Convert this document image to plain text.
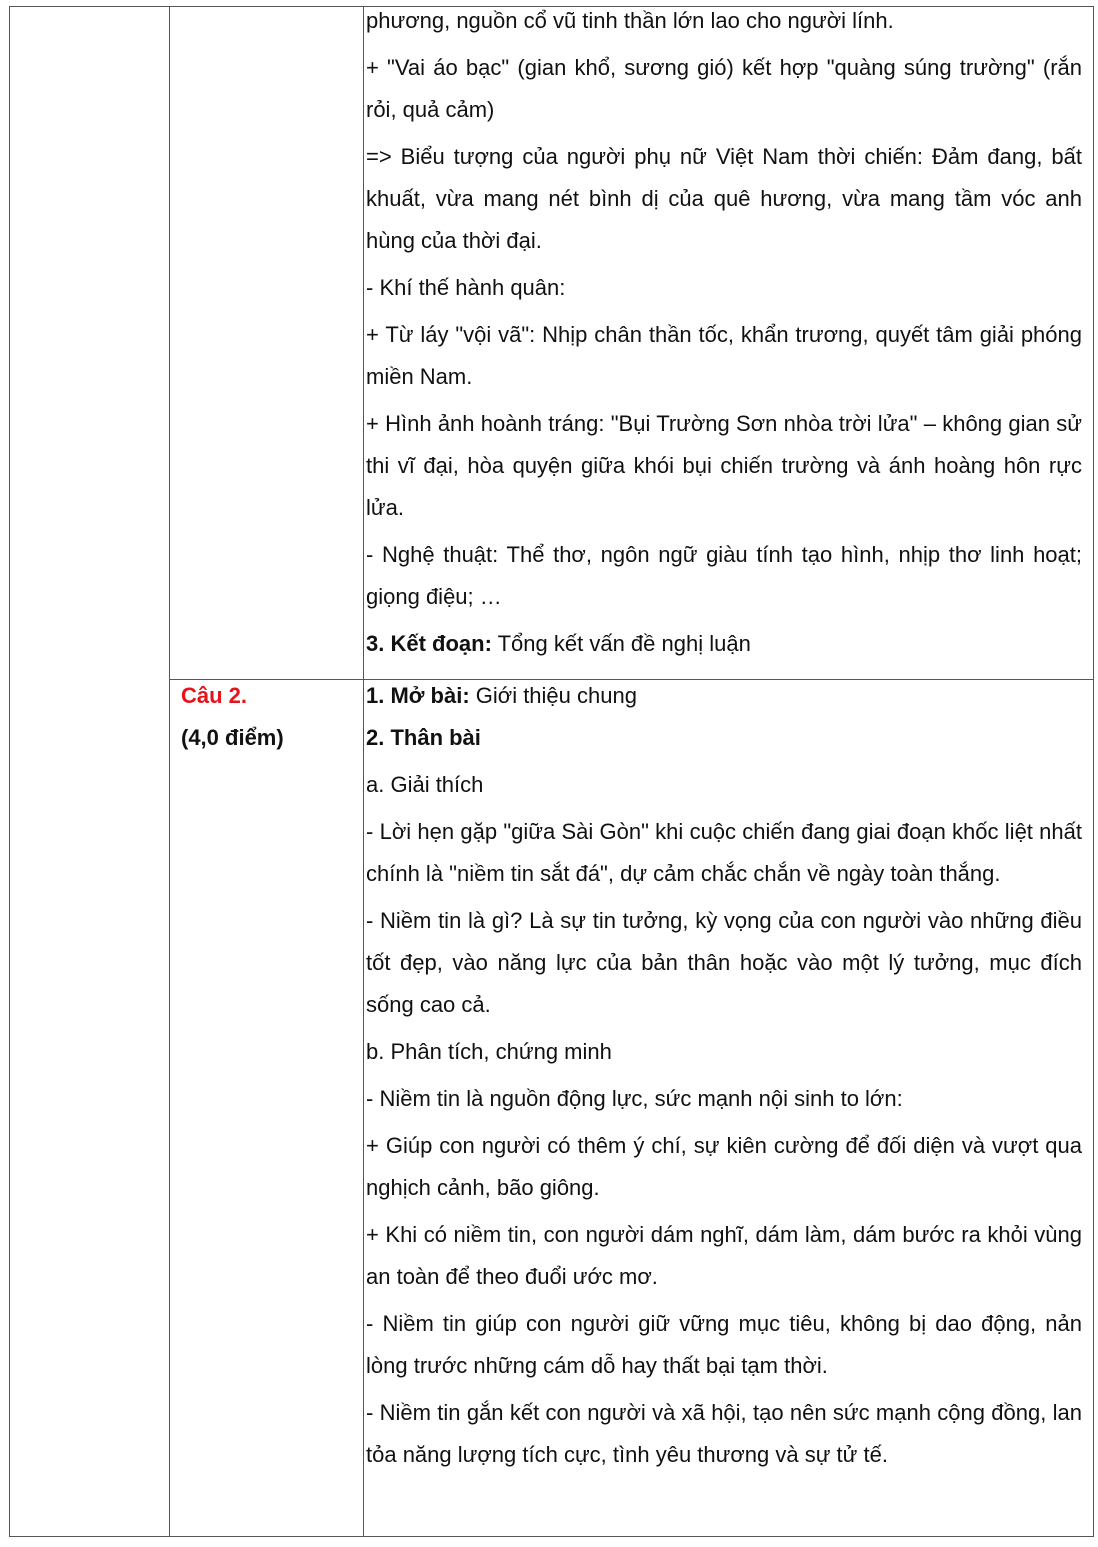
phương, nguồn cổ vũ tinh thần lớn lao cho người lính.

+ "Vai áo bạc" (gian khổ, sương gió) kết hợp "quàng súng trường" (rắn rỏi, quả cảm)

=> Biểu tượng của người phụ nữ Việt Nam thời chiến: Đảm đang, bất khuất, vừa mang nét bình dị của quê hương, vừa mang tầm vóc anh hùng của thời đại.

- Khí thế hành quân:

+ Từ láy "vội vã": Nhịp chân thần tốc, khẩn trương, quyết tâm giải phóng miền Nam.

+ Hình ảnh hoành tráng: "Bụi Trường Sơn nhòa trời lửa" – không gian sử thi vĩ đại, hòa quyện giữa khói bụi chiến trường và ánh hoàng hôn rực lửa.

- Nghệ thuật: Thể thơ, ngôn ngữ giàu tính tạo hình, nhịp thơ linh hoạt; giọng điệu; …

3. Kết đoạn: Tổng kết vấn đề nghị luận

Câu 2.

(4,0 điểm)

1. Mở bài: Giới thiệu chung

2. Thân bài

a. Giải thích

- Lời hẹn gặp "giữa Sài Gòn" khi cuộc chiến đang giai đoạn khốc liệt nhất chính là "niềm tin sắt đá", dự cảm chắc chắn về ngày toàn thắng.

- Niềm tin là gì? Là sự tin tưởng, kỳ vọng của con người vào những điều tốt đẹp, vào năng lực của bản thân hoặc vào một lý tưởng, mục đích sống cao cả.

b. Phân tích, chứng minh

- Niềm tin là nguồn động lực, sức mạnh nội sinh to lớn:

+ Giúp con người có thêm ý chí, sự kiên cường để đối diện và vượt qua nghịch cảnh, bão giông.

+ Khi có niềm tin, con người dám nghĩ, dám làm, dám bước ra khỏi vùng an toàn để theo đuổi ước mơ.

- Niềm tin giúp con người giữ vững mục tiêu, không bị dao động, nản lòng trước những cám dỗ hay thất bại tạm thời.

- Niềm tin gắn kết con người và xã hội, tạo nên sức mạnh cộng đồng, lan tỏa năng lượng tích cực, tình yêu thương và sự tử tế.
